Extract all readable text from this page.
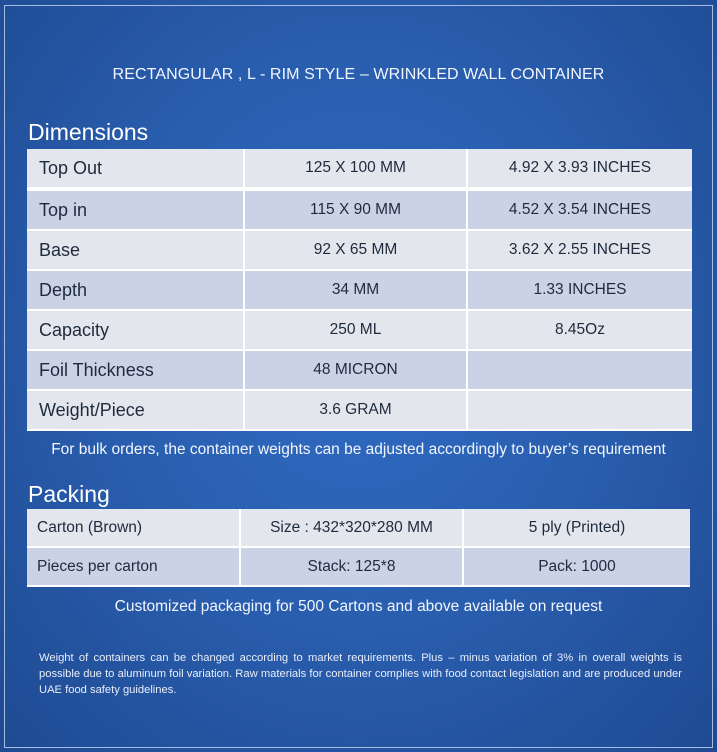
RECTANGULAR , L - RIM STYLE – WRINKLED WALL CONTAINER
Dimensions
Top Out	125 X 100 MM	4.92 X 3.93 INCHES
Top in	115 X 90 MM	4.52 X 3.54 INCHES
Base	92 X 65 MM	3.62 X 2.55 INCHES
Depth	34 MM	1.33 INCHES
Capacity	250 ML	8.45Oz
Foil Thickness	48 MICRON	
Weight/Piece	3.6 GRAM	
For bulk orders, the container weights can be adjusted accordingly to buyer’s requirement
Packing
Carton (Brown)	Size : 432*320*280 MM	5 ply (Printed)
Pieces per carton	Stack: 125*8	Pack: 1000
Customized packaging for 500 Cartons and above available on request
Weight of containers can be changed according to market requirements. Plus – minus variation of 3% in overall weights is possible due to aluminum foil variation. Raw materials for container complies with food contact legislation and are produced under UAE food safety guidelines.
